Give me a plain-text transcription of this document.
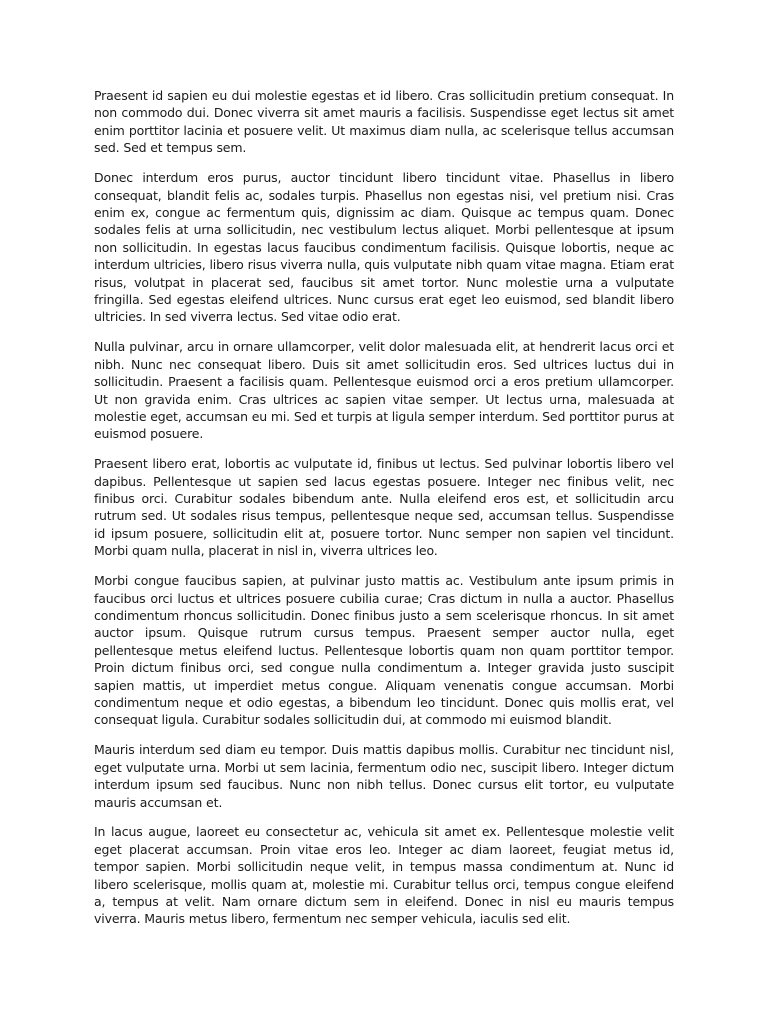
Praesent id sapien eu dui molestie egestas et id libero. Cras sollicitudin pretium consequat. In non commodo dui. Donec viverra sit amet mauris a facilisis. Suspendisse eget lectus sit amet enim porttitor lacinia et posuere velit. Ut maximus diam nulla, ac scelerisque tellus accumsan sed. Sed et tempus sem.

Donec interdum eros purus, auctor tincidunt libero tincidunt vitae. Phasellus in libero consequat, blandit felis ac, sodales turpis. Phasellus non egestas nisi, vel pretium nisi. Cras enim ex, congue ac fermentum quis, dignissim ac diam. Quisque ac tempus quam. Donec sodales felis at urna sollicitudin, nec vestibulum lectus aliquet. Morbi pellentesque at ipsum non sollicitudin. In egestas lacus faucibus condimentum facilisis. Quisque lobortis, neque ac interdum ultricies, libero risus viverra nulla, quis vulputate nibh quam vitae magna. Etiam erat risus, volutpat in placerat sed, faucibus sit amet tortor. Nunc molestie urna a vulputate fringilla. Sed egestas eleifend ultrices. Nunc cursus erat eget leo euismod, sed blandit libero ultricies. In sed viverra lectus. Sed vitae odio erat.

Nulla pulvinar, arcu in ornare ullamcorper, velit dolor malesuada elit, at hendrerit lacus orci et nibh. Nunc nec consequat libero. Duis sit amet sollicitudin eros. Sed ultrices luctus dui in sollicitudin. Praesent a facilisis quam. Pellentesque euismod orci a eros pretium ullamcorper. Ut non gravida enim. Cras ultrices ac sapien vitae semper. Ut lectus urna, malesuada at molestie eget, accumsan eu mi. Sed et turpis at ligula semper interdum. Sed porttitor purus at euismod posuere.

Praesent libero erat, lobortis ac vulputate id, finibus ut lectus. Sed pulvinar lobortis libero vel dapibus. Pellentesque ut sapien sed lacus egestas posuere. Integer nec finibus velit, nec finibus orci. Curabitur sodales bibendum ante. Nulla eleifend eros est, et sollicitudin arcu rutrum sed. Ut sodales risus tempus, pellentesque neque sed, accumsan tellus. Suspendisse id ipsum posuere, sollicitudin elit at, posuere tortor. Nunc semper non sapien vel tincidunt. Morbi quam nulla, placerat in nisl in, viverra ultrices leo.

Morbi congue faucibus sapien, at pulvinar justo mattis ac. Vestibulum ante ipsum primis in faucibus orci luctus et ultrices posuere cubilia curae; Cras dictum in nulla a auctor. Phasellus condimentum rhoncus sollicitudin. Donec finibus justo a sem scelerisque rhoncus. In sit amet auctor ipsum. Quisque rutrum cursus tempus. Praesent semper auctor nulla, eget pellentesque metus eleifend luctus. Pellentesque lobortis quam non quam porttitor tempor. Proin dictum finibus orci, sed congue nulla condimentum a. Integer gravida justo suscipit sapien mattis, ut imperdiet metus congue. Aliquam venenatis congue accumsan. Morbi condimentum neque et odio egestas, a bibendum leo tincidunt. Donec quis mollis erat, vel consequat ligula. Curabitur sodales sollicitudin dui, at commodo mi euismod blandit.

Mauris interdum sed diam eu tempor. Duis mattis dapibus mollis. Curabitur nec tincidunt nisl, eget vulputate urna. Morbi ut sem lacinia, fermentum odio nec, suscipit libero. Integer dictum interdum ipsum sed faucibus. Nunc non nibh tellus. Donec cursus elit tortor, eu vulputate mauris accumsan et.

In lacus augue, laoreet eu consectetur ac, vehicula sit amet ex. Pellentesque molestie velit eget placerat accumsan. Proin vitae eros leo. Integer ac diam laoreet, feugiat metus id, tempor sapien. Morbi sollicitudin neque velit, in tempus massa condimentum at. Nunc id libero scelerisque, mollis quam at, molestie mi. Curabitur tellus orci, tempus congue eleifend a, tempus at velit. Nam ornare dictum sem in eleifend. Donec in nisl eu mauris tempus viverra. Mauris metus libero, fermentum nec semper vehicula, iaculis sed elit.
